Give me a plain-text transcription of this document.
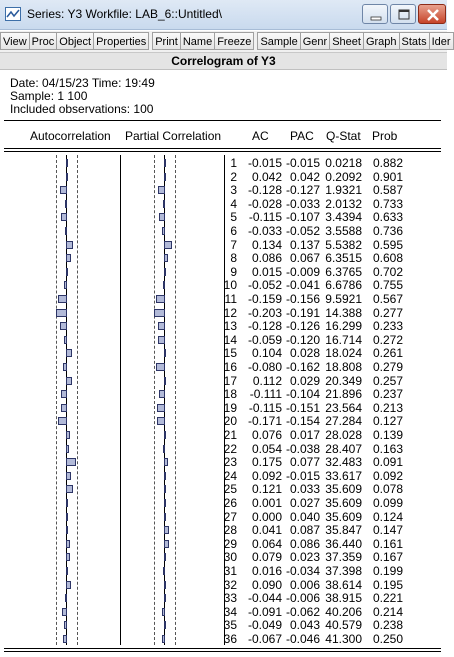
Series: Y3 Workfile: LAB_6::Untitled\
View Proc Object Properties Print Name Freeze Sample Genr Sheet Graph Stats Ider
Correlogram of Y3
Date: 04/15/23 Time: 19:49
Sample: 1 100
Included observations: 100
Autocorrelation Partial Correlation	AC PAC Q-Stat Prob
1 -0.015 -0.015 0.0218 0.882
2 0.042 0.042 0.2092 0.901
3 -0.128 -0.127 1.9321 0.587
4 -0.028 -0.033 2.0132 0.733
5 -0.115 -0.107 3.4394 0.633
6 -0.033 -0.052 3.5588 0.736
7 0.134 0.137 5.5382 0.595
8 0.086 0.067 6.3515 0.608
9 0.015 -0.009 6.3765 0.702
10 -0.052 -0.041 6.6786 0.755
11 -0.159 -0.156 9.5921 0.567
12 -0.203 -0.191 14.388 0.277
13 -0.128 -0.126 16.299 0.233
14 -0.059 -0.120 16.714 0.272
15 0.104 0.028 18.024 0.261
16 -0.080 -0.162 18.808 0.279
17 0.112 0.029 20.349 0.257
18 -0.111 -0.104 21.896 0.237
19 -0.115 -0.151 23.564 0.213
20 -0.171 -0.154 27.284 0.127
21 0.076 0.017 28.028 0.139
22 0.054 -0.038 28.407 0.163
23 0.175 0.077 32.483 0.091
24 0.092 -0.015 33.617 0.092
25 0.121 0.033 35.609 0.078
26 0.001 0.027 35.609 0.099
27 0.000 0.040 35.609 0.124
28 0.041 0.087 35.847 0.147
29 0.064 0.086 36.440 0.161
30 0.079 0.023 37.359 0.167
31 0.016 -0.034 37.398 0.199
32 0.090 0.006 38.614 0.195
33 -0.044 -0.006 38.915 0.221
34 -0.091 -0.062 40.206 0.214
35 -0.049 0.043 40.579 0.238
36 -0.067 -0.046 41.300 0.250
